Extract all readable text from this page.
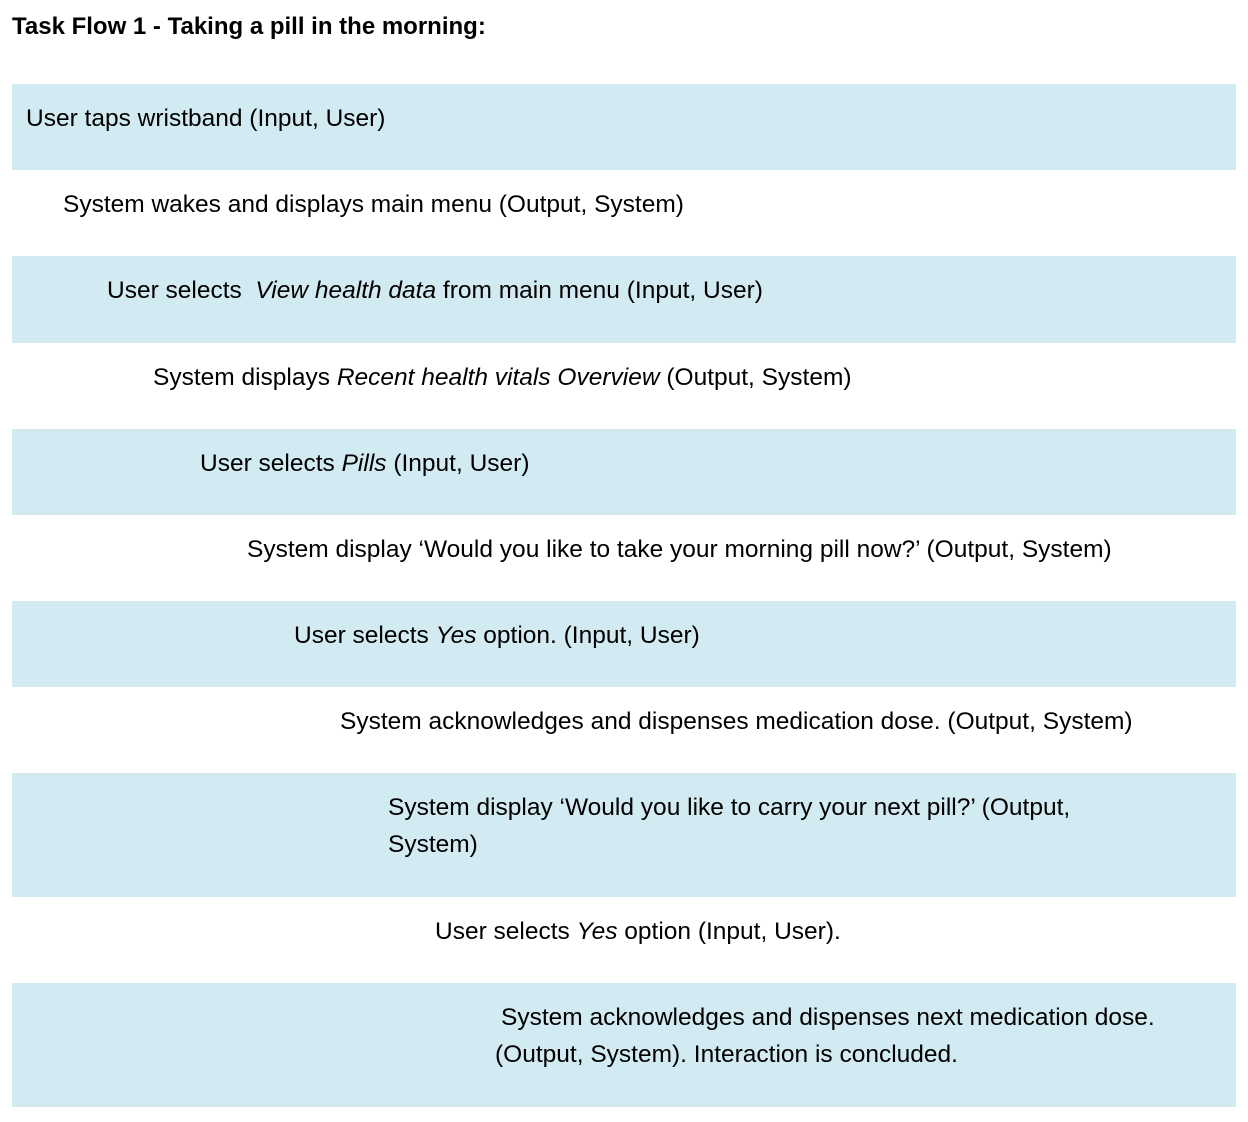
Task Flow 1 - Taking a pill in the morning:
User taps wristband (Input, User)
System wakes and displays main menu (Output, System)
User selects  View health data from main menu (Input, User)
System displays Recent health vitals Overview (Output, System)
User selects Pills (Input, User)
System display ‘Would you like to take your morning pill now?’ (Output, System)
User selects Yes option. (Input, User)
System acknowledges and dispenses medication dose. (Output, System)
System display ‘Would you like to carry your next pill?’ (Output,
System)
User selects Yes option (Input, User).
System acknowledges and dispenses next medication dose.
(Output, System). Interaction is concluded.
